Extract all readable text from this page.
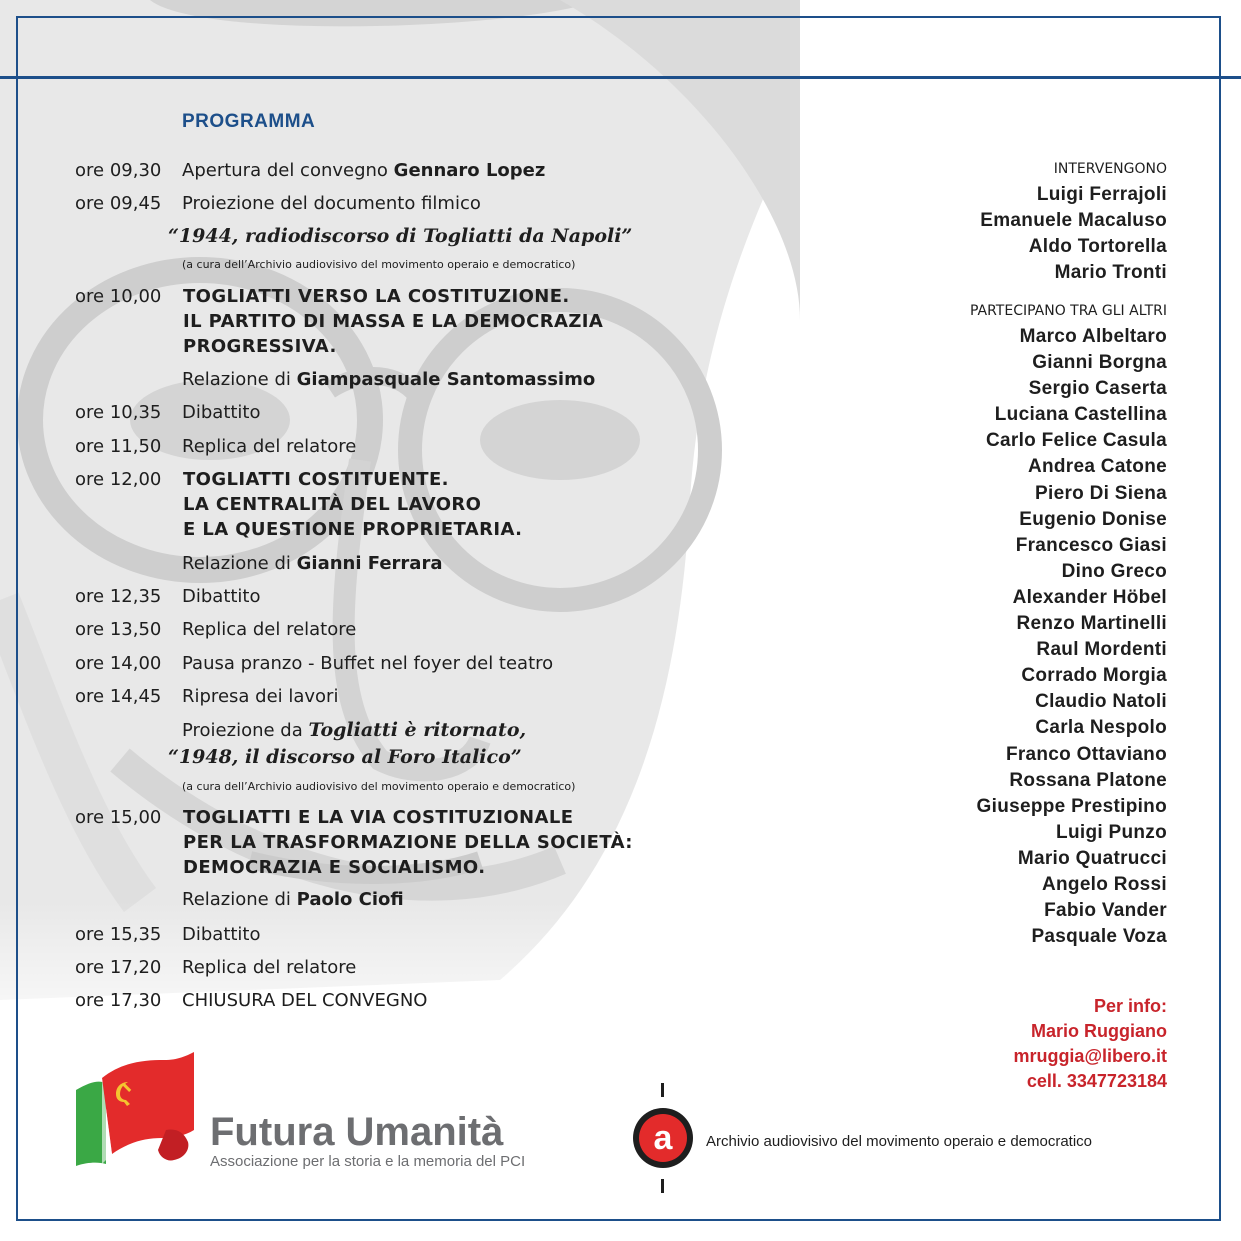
PROGRAMMA
ore 09,30 Apertura del convegno Gennaro Lopez
ore 09,45 Proiezione del documento filmico
“1944, radiodiscorso di Togliatti da Napoli”
(a cura dell’Archivio audiovisivo del movimento operaio e democratico)
ore 10,00 TOGLIATTI VERSO LA COSTITUZIONE.
IL PARTITO DI MASSA E LA DEMOCRAZIA
PROGRESSIVA.
Relazione di Giampasquale Santomassimo
ore 10,35 Dibattito
ore 11,50 Replica del relatore
ore 12,00 TOGLIATTI COSTITUENTE.
LA CENTRALITÀ DEL LAVORO
E LA QUESTIONE PROPRIETARIA.
Relazione di Gianni Ferrara
ore 12,35 Dibattito
ore 13,50 Replica del relatore
ore 14,00 Pausa pranzo - Buffet nel foyer del teatro
ore 14,45 Ripresa dei lavori
Proiezione da Togliatti è ritornato,
“1948, il discorso al Foro Italico”
(a cura dell’Archivio audiovisivo del movimento operaio e democratico)
ore 15,00 TOGLIATTI E LA VIA COSTITUZIONALE
PER LA TRASFORMAZIONE DELLA SOCIETÀ:
DEMOCRAZIA E SOCIALISMO.
Relazione di Paolo Ciofi
ore 15,35 Dibattito
ore 17,20 Replica del relatore
ore 17,30 CHIUSURA DEL CONVEGNO
INTERVENGONO
Luigi Ferrajoli
Emanuele Macaluso
Aldo Tortorella
Mario Tronti
PARTECIPANO TRA GLI ALTRI
Marco Albeltaro
Gianni Borgna
Sergio Caserta
Luciana Castellina
Carlo Felice Casula
Andrea Catone
Piero Di Siena
Eugenio Donise
Francesco Giasi
Dino Greco
Alexander Höbel
Renzo Martinelli
Raul Mordenti
Corrado Morgia
Claudio Natoli
Carla Nespolo
Franco Ottaviano
Rossana Platone
Giuseppe Prestipino
Luigi Punzo
Mario Quatrucci
Angelo Rossi
Fabio Vander
Pasquale Voza
Per info:
Mario Ruggiano
mruggia@libero.it
cell. 3347723184
Futura Umanità
Associazione per la storia e la memoria del PCI
a Archivio audiovisivo del movimento operaio e democratico
